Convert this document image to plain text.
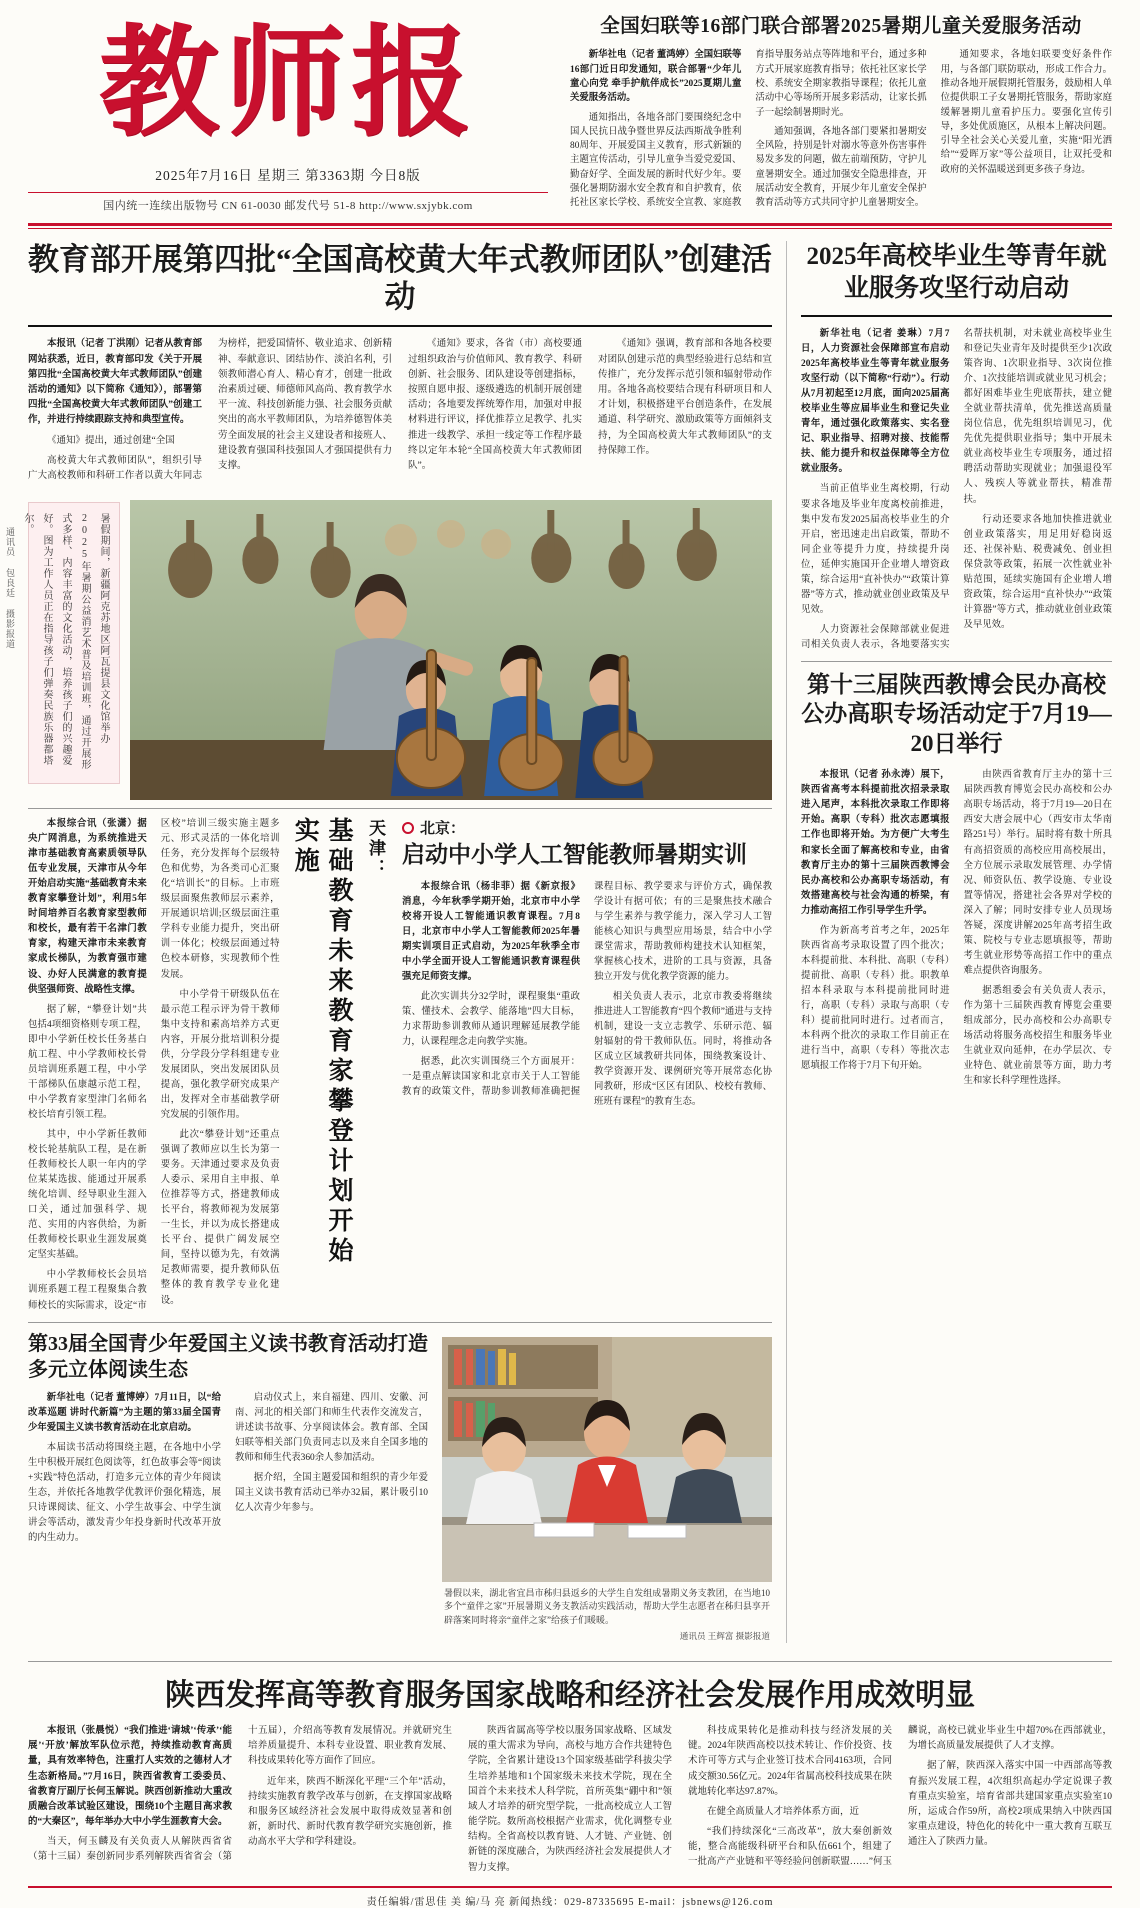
教师报
2025年7月16日 星期三 第3363期 今日8版
国内统一连续出版物号 CN 61-0030 邮发代号 51-8 http://www.sxjybk.com
全国妇联等16部门联合部署2025暑期儿童关爱服务活动

新华社电（记者 董鸿婷）全国妇联等16部门近日印发通知，联合部署“少年儿童心向党 牵手护航伴成长”2025夏期儿童关爱服务活动。

通知指出，各地各部门要围绕纪念中国人民抗日战争暨世界反法西斯战争胜利80周年、开展爱国主义教育，形式新颖的主题宣传活动，引导儿童争当爱党爱国、勤奋好学、全面发展的新时代好少年。要强化暑期防溺水安全教育和自护教育，依托社区家长学校、系统安全宣教、家庭教育指导服务站点等阵地和平台，通过多种方式开展家庭教育指导；依托社区家长学校、系统安全期家教指导课程；依托儿童活动中心等场所开展多彩活动，让家长抓子一起绘制暑期时光。

通知强调，各地各部门要紧扣暑期安全风险，持别是针对溺水等意外伤害事件易发多发的问题，做左前端预防，守护儿童暑期安全。通过加强安全隐患排查，开展活动安全教育，开展少年儿童安全保护教育活动等方式共同守护儿童暑期安全。

通知要求，各地妇联要变好条件作用，与各部门联防联动，形成工作合力。推动各地开展假期托管服务，鼓励相人单位提供职工子女暑期托管服务，帮助家庭缓解暑期儿童看护压力。要强化宣传引导，多处优质施区，从根本上解决问题。引导全社会关心关爱儿童，实施“阳光洒给”“爱晖万家”等公益项目，让双托受和政府的关怀温暖送到更多孩子身边。

教育部开展第四批“全国高校黄大年式教师团队”创建活动

本报讯（记者 丁洪刚）记者从教育部网站获悉，近日，教育部印发《关于开展第四批“全国高校黄大年式教师团队”创建活动的通知》以下简称《通知》），部署第四批“全国高校黄大年式教师团队”创建工作，并进行持续跟踪支持和典型宣传。

《通知》提出，通过创建“全国

高校黄大年式教师团队”，组织引导广大高校教师和科研工作者以黄大年同志为榜样，把爱国情怀、敬业追求、创新精神、奉献意识、团结协作、淡泊名利，引领教师潜心育人、精心育才，创建一批政治素质过硬、师德师风高尚、教育教学水平一流、科技创新能力强、社会服务贡献突出的高水平教师团队，为培养德智体美劳全面发展的社会主义建设者和接班人、建设教育强国科技强国人才强国提供有力支撑。

《通知》要求，各省（市）高校要通过组织政治与价值师风、教育教学、科研创新、社会服务、团队建设等创建指标，按照自愿申报、逐级遴选的机制开展创建活动；各地要发挥统筹作用，加强对申报材料进行评议，择优推荐立足教学、扎实推进一线教学、承担一线定等工作程序最终以定年本轮“全国高校黄大年式教师团队”。

《通知》强调，教育部和各地各校要对团队创建示范的典型经验进行总结和宣传推广，充分发挥示范引领和辐射带动作用。各地各高校要结合现有科研项目和人才计划，积极搭建平台创造条件，在发展通道、科学研究、激励政策等方面倾斜支持，为全国高校黄大年式教师团队”的支持保障工作。

暑假期间，新疆阿克苏地区阿瓦提县文化馆举办2025年暑期公益消艺术普及培训班，通过开展形式多样、内容丰富的文化活动，培养孩子们的兴趣爱好。图为工作人员正在指导孩子们弹奏民族乐器都塔尔。
通讯员 包良廷 摄影报道

本报综合讯（张潇）据央广网消息，为系统推进天津市基础教育高素质领导队伍专业发展，天津市从今年开始启动实施“基础教育未来教育家攀登计划”，利用5年时间培养百名教育家型教师和校长，最有若干名津门教育家，构建天津市未来教育家成长梯队，为教育强市建设、办好人民满意的教育提供坚强师资、战略性支撑。

据了解，“攀登计划”共包括4项细资格则专项工程，即中小学新任校长任务基白航工程、中小学教师校长骨员培训班系题工程，中小学干部梯队伍康越示范工程，中小学教育家型津门名师名校长培育引领工程。

其中，中小学新任教师校长轮基航队工程，是在新任教师校长人职一年内的学位某某选拔、能通过开展系统化培训、经导职业生涯入口关，通过加强科学、规范、实用的内容供给，为新任教师校长职业生涯发展奠定坚实基础。

中小学教师校长会员培训班系题工程工程聚集合教师校长的实际需求，设定“市区校”培训三级实施主题多元、形式灵活的一体化培训任务，充分发挥每个层级特色和优势，为各类司心汇聚化“培训长”的目标。上市班级层面聚焦教师层示素养，开展通识培训;区级层面注重学科专业能力提升，突出研训一体化；校级层面通过特色校本研修，实现教师个性发展。

中小学骨干研级队伍在最示范工程示评为骨干教师集中支持和素高培养方式更内容，开展分批培训积分提供，分学段分学科组建专业发展团队，突出发展团队员提高，强化教学研究成果产出，发挥对全市基础教学研究发展的引领作用。

此次“攀登计划”还重点强调了教师应以生长为第一要务。天津通过要求及负责人委示、采用自主申报、单位推荐等方式，搭建教师成长平台，将教师视为发展第一生长，并以为成长搭建成长平台、提供广阔发展空间，坚持以德为先，有效满足教师需要，提升教师队伍整体的教育教学专业化建设。

基础教育未来教育家攀登计划开始实施	天津： 北京：
启动中小学人工智能教师暑期实训

本报综合讯（杨非菲）据《新京报》消息，今年秋季学期开始，北京市中小学校将开设人工智能通识教育课程。7月8日，北京市中小学人工智能教师2025年暑期实训项目正式启动，为2025年秋季全市中小学全面开设人工智能通识教育课程供强充足师资支撑。

此次实训共分32学时，课程聚集“重政策、懂技术、会教学、能落地”四大目标，力求帮助参训教师从通识理解延展教学能力，认课程理念走向教学实施。

据悉，此次实训围绕三个方面展开：一是重点解读国家和北京市关于人工智能教育的政策文件，帮助参训教师准确把握课程目标、教学要求与评价方式，确保教学设计有据可依；有的三是聚焦技术融合与学生素养与教学能力，深入学习人工智能核心知识与典型应用场景，结合中小学课堂需求，帮助教师构建技术认知框架，掌握核心技术，进阶的工具与资源，具备独立开发与优化教学资源的能力。

相关负责人表示，北京市教委将继续推进进人工智能教育“四个教师”通进与支持机制，建设一支立志教学、乐研示范、辐射辐射的骨干教师队伍。同时，将推动各区成立区域教研共同体，围绕教案设计、教学资源开发、课例研究等开展常态化协同教研，形成“区区有团队、校校有教师、班班有课程”的教育生态。

第33届全国青少年爱国主义读书教育活动打造多元立体阅读生态

新华社电（记者 董博婷）7月11日，以“给改革巡题 讲时代新篇”为主题的第33届全国青少年爱国主义读书教育活动在北京启动。

本届读书活动将围绕主题，在各地中小学生中积极开展红色阅读等，红色故事会等“阅读+实践”特色活动，打造多元立体的青少年阅读生态，并依托各地教学优教评价强化精选，展只诗课阅读、征文、小学生故事会、中学生演讲会等活动，激发青少年投身新时代改革开放的内生动力。

启动仪式上，来自福建、四川、安徽、河南、河北的相关部门和师生代表作交流发言，讲述读书故事、分享阅读体会。教育部、全国妇联等相关部门负责同志以及来自全国多地的教师和师生代表360余人参加活动。

据介绍，全国主题爱国和组织的青少年爱国主义读书教育活动已举办32届，累计吸引10亿人次青少年参与。

暑假以来，湖北省宜昌市秭归县返乡的大学生自发组成暑期义务支教团，在当地10多个“童伴之家”开展暑期义务支教活动实践活动，帮助大学生志愿者在秭归县享开辟落案同时将亲“童伴之家”给孩子们暖暖。
通讯员 王辉富 摄影报道
2025年高校毕业生等青年就业服务攻坚行动启动

新华社电（记者 姜琳）7月7日，人力资源社会保障部宣布启动2025年高校毕业生等青年就业服务攻坚行动（以下简称“行动”）。行动从7月初起至12月底，面向2025届高校毕业生等应届毕业生和登记失业青年，通过强化政策落实、实名登记、职业指导、招聘对接、技能帮扶、能力提升和权益保障等全方位就业服务。

当前正值毕业生离校期，行动要求各地及毕业年度离校前推进，集中发布发2025届高校毕业生的介开启，密迅速走出启政策，帮助不同企业等提升力度，持续提升岗位，延伸实施国开企业增人增资政策，综合运用“直补快办”“政策计算器”等方式，推动就业创业政策及早见效。

人力资源社会保障部就业促进司相关负责人表示，各地要落实实名帮扶机制，对未就业高校毕业生和登记失业青年及时提供至少1次政策咨询、1次职业指导、3次岗位推介、1次技能培训或就业见习机会；都好困难毕业生兜底帮扶，建立健全就业帮扶清单，优先推送高质量岗位信息，优先组织培训见习，优先优先提供职业指导；集中开展未就业高校毕业生专项服务，通过招聘活动帮助实现就业；加强退役军人、残疾人等就业帮扶，精准帮扶。

行动还要求各地加快推进就业创业政策落实，用足用好稳岗返还、社保补贴、税费减免、创业担保贷款等政策，拓展一次性就业补贴范围，延续实施国有企业增人增资政策，综合运用“直补快办”“政策计算器”等方式，推动就业创业政策及早见效。

第十三届陕西教博会民办高校公办高职专场活动定于7月19—20日举行

本报讯（记者 孙永涛）展下，陕西省高考本科提前批次招录录取进入尾声，本科批次录取工作即将开始。高职（专科）批次志愿填报工作也即将开始。为方便广大考生和家长全面了解高校和专业，由省教育厅主办的第十三届陕西教博会民办高校和公办高职专场活动，有效搭建高校与社会沟通的桥梁，有力推动高招工作引导学生升学。

作为新高考首考之年，2025年陕西省高考录取设置了四个批次；本科提前批、本科批、高职（专科）提前批、高职（专科）批。职教单招本科录取与本科提前批同时进行，高职（专科）录取与高职（专科）提前批同时进行。过者而言，本科两个批次的录取工作目前正在进行当中，高职（专科）等批次志愿填报工作将于7月下旬开始。

由陕西省教育厅主办的第十三届陕西教育博览会民办高校和公办高职专场活动，将于7月19—20日在西安大唐会展中心（西安市太华南路251号）举行。届时将有数十所具有高招资质的高校应用高校展出，全方位展示录取发展管理、办学情况、师资队伍、教学设施、专业设置等情况，搭建社会各界对学校的深入了解；同时安排专业人员现场答疑，深度讲解2025年高考招生政策、院校与专业志愿填报等，帮助考生就业形势等高招工作中的重点难点提供咨询服务。

据悉组委会有关负责人表示，作为第十三届陕西教育博览会重要组成部分，民办高校和公办高职专场活动将服务高校招生和服务毕业生就业双向延伸，在办学层次、专业特色、就业前景等方面，助力考生和家长科学理性选择。

陕西发挥高等教育服务国家战略和经济社会发展作用成效明显

本报讯（张晨悦）“我们推进‘请城’‘传承’‘能展’‘开放’解放军队位示范，持续推动教育高质量，具有效率特色，注重打人实效的之德材人才生态新格局。”7月16日，陕西省教育工委委员、省教育厅副厅长何玉解说。陕西创新推动大重改质融合改革试验区建设，围绕10个主题目高求教的“大秦区”，每年举办大中小学生涯教育大会。

当天，何玉麟及有关负责人从解陕西省省（第十三届）秦创新同步系列解陕西省省会（第十五届），介绍高等教育发展情况。并就研究生培养质量提升、本科专业设置、职业教育发展、科技成果转化等方面作了回应。

近年来，陕西不断深化平理“三个年”活动，持续实施教育教学改革与创新，在支撑国家战略和服务区域经济社会发展中取得成效显著和创新，新时代、新时代教育教学研究实施创新，推动高水平大学和学科建设。

陕西省属高等学校以服务国家战略、区域发展的重大需求为导向，高校与地方合作共建特色学院，全省累计建设13个国家级基础学科拔尖学生培养基地和1个国家级未来技术学院，现在全国首个未来技术人科学院，首所英集“硼中和”领域人才培养的研究型学院，一批高校成立人工智能学院。数所高校根据产业需求，优化调整专业结构。全省高校以教育链、人才链、产业链、创新链的深度融合，为陕西经济社会发展提供人才智力支撑。

科技成果转化是推动科技与经济发展的关键。2024年陕西高校以技术转让、作价投资、技术许可等方式与企业签订技术合同4163项，合同成交额30.56亿元。2024年省属高校科技成果在陕就地转化率达97.87%。

在健全高质量人才培养体系方面，近

“我们持续深化“三高改革”，放大秦创新效能，整合高能级科研平台和队伍661个，组建了一批高产产业链和平等经验问创新联盟……”何玉麟说，高校已就业毕业生中超70%在西部就业，为增长高质量发展提供了人才支撑。

据了解，陕西深入落实中国一中西部高等教育振兴发展工程，4次组织高起办学定说课子教育重点实验室，培育省部共建国家重点实验室10所，运成合作59所，高校2项成果纳入中陕西国家重点建设，特色化的转化中一重大教育互联互通注入了陕西力量。

责任编辑/雷思佳 美 编/马 亮 新闻热线：029-87335695 E-mail：jsbnews@126.com
